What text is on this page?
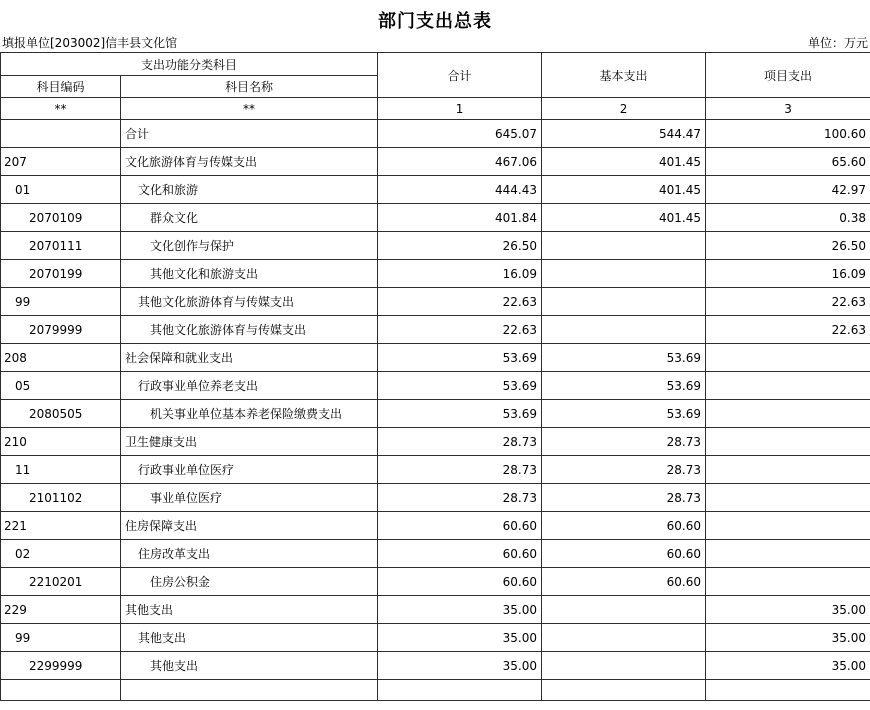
部门支出总表
填报单位[203002]信丰县文化馆	单位：万元
支出功能分类科目		合计	基本支出	项目支出
科目编码	科目名称			
**	**	1	2	3
	合计	645.07	544.47	100.60
207	文化旅游体育与传媒支出	467.06	401.45	65.60
01	文化和旅游	444.43	401.45	42.97
2070109	群众文化	401.84	401.45	0.38
2070111	文化创作与保护	26.50		26.50
2070199	其他文化和旅游支出	16.09		16.09
99	其他文化旅游体育与传媒支出	22.63		22.63
2079999	其他文化旅游体育与传媒支出	22.63		22.63
208	社会保障和就业支出	53.69	53.69	
05	行政事业单位养老支出	53.69	53.69	
2080505	机关事业单位基本养老保险缴费支出	53.69	53.69	
210	卫生健康支出	28.73	28.73	
11	行政事业单位医疗	28.73	28.73	
2101102	事业单位医疗	28.73	28.73	
221	住房保障支出	60.60	60.60	
02	住房改革支出	60.60	60.60	
2210201	住房公积金	60.60	60.60	
229	其他支出	35.00		35.00
99	其他支出	35.00		35.00
2299999	其他支出	35.00		35.00
